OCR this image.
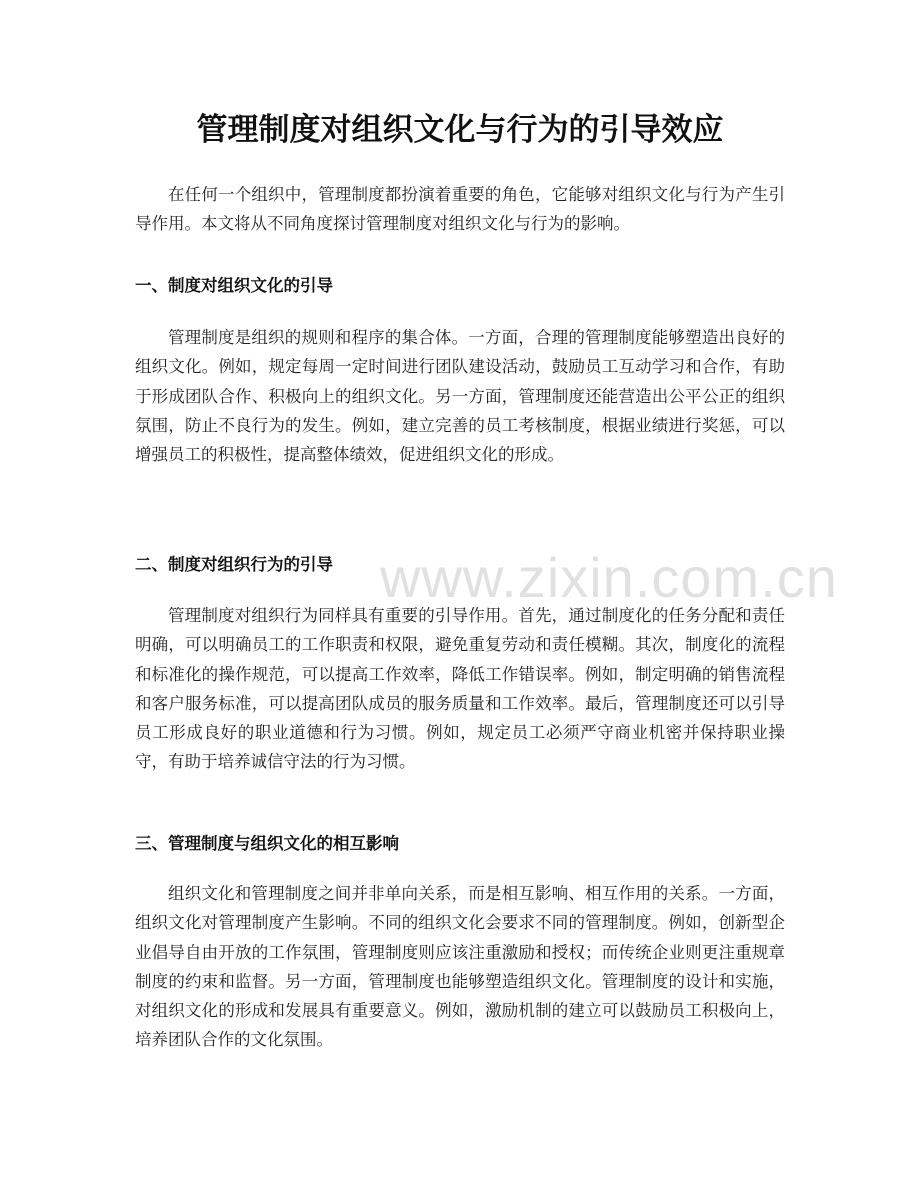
管理制度对组织文化与行为的引导效应

在任何一个组织中，管理制度都扮演着重要的角色，它能够对组织文化与行为产生引导作用。本文将从不同角度探讨管理制度对组织文化与行为的影响。

一、制度对组织文化的引导

管理制度是组织的规则和程序的集合体。一方面，合理的管理制度能够塑造出良好的组织文化。例如，规定每周一定时间进行团队建设活动，鼓励员工互动学习和合作，有助于形成团队合作、积极向上的组织文化。另一方面，管理制度还能营造出公平公正的组织氛围，防止不良行为的发生。例如，建立完善的员工考核制度，根据业绩进行奖惩，可以增强员工的积极性，提高整体绩效，促进组织文化的形成。

二、制度对组织行为的引导

管理制度对组织行为同样具有重要的引导作用。首先，通过制度化的任务分配和责任明确，可以明确员工的工作职责和权限，避免重复劳动和责任模糊。其次，制度化的流程和标准化的操作规范，可以提高工作效率，降低工作错误率。例如，制定明确的销售流程和客户服务标准，可以提高团队成员的服务质量和工作效率。最后，管理制度还可以引导员工形成良好的职业道德和行为习惯。例如，规定员工必须严守商业机密并保持职业操守，有助于培养诚信守法的行为习惯。

三、管理制度与组织文化的相互影响

组织文化和管理制度之间并非单向关系，而是相互影响、相互作用的关系。一方面，组织文化对管理制度产生影响。不同的组织文化会要求不同的管理制度。例如，创新型企业倡导自由开放的工作氛围，管理制度则应该注重激励和授权；而传统企业则更注重规章制度的约束和监督。另一方面，管理制度也能够塑造组织文化。管理制度的设计和实施，对组织文化的形成和发展具有重要意义。例如，激励机制的建立可以鼓励员工积极向上，培养团队合作的文化氛围。

www.zixin.com.cn
